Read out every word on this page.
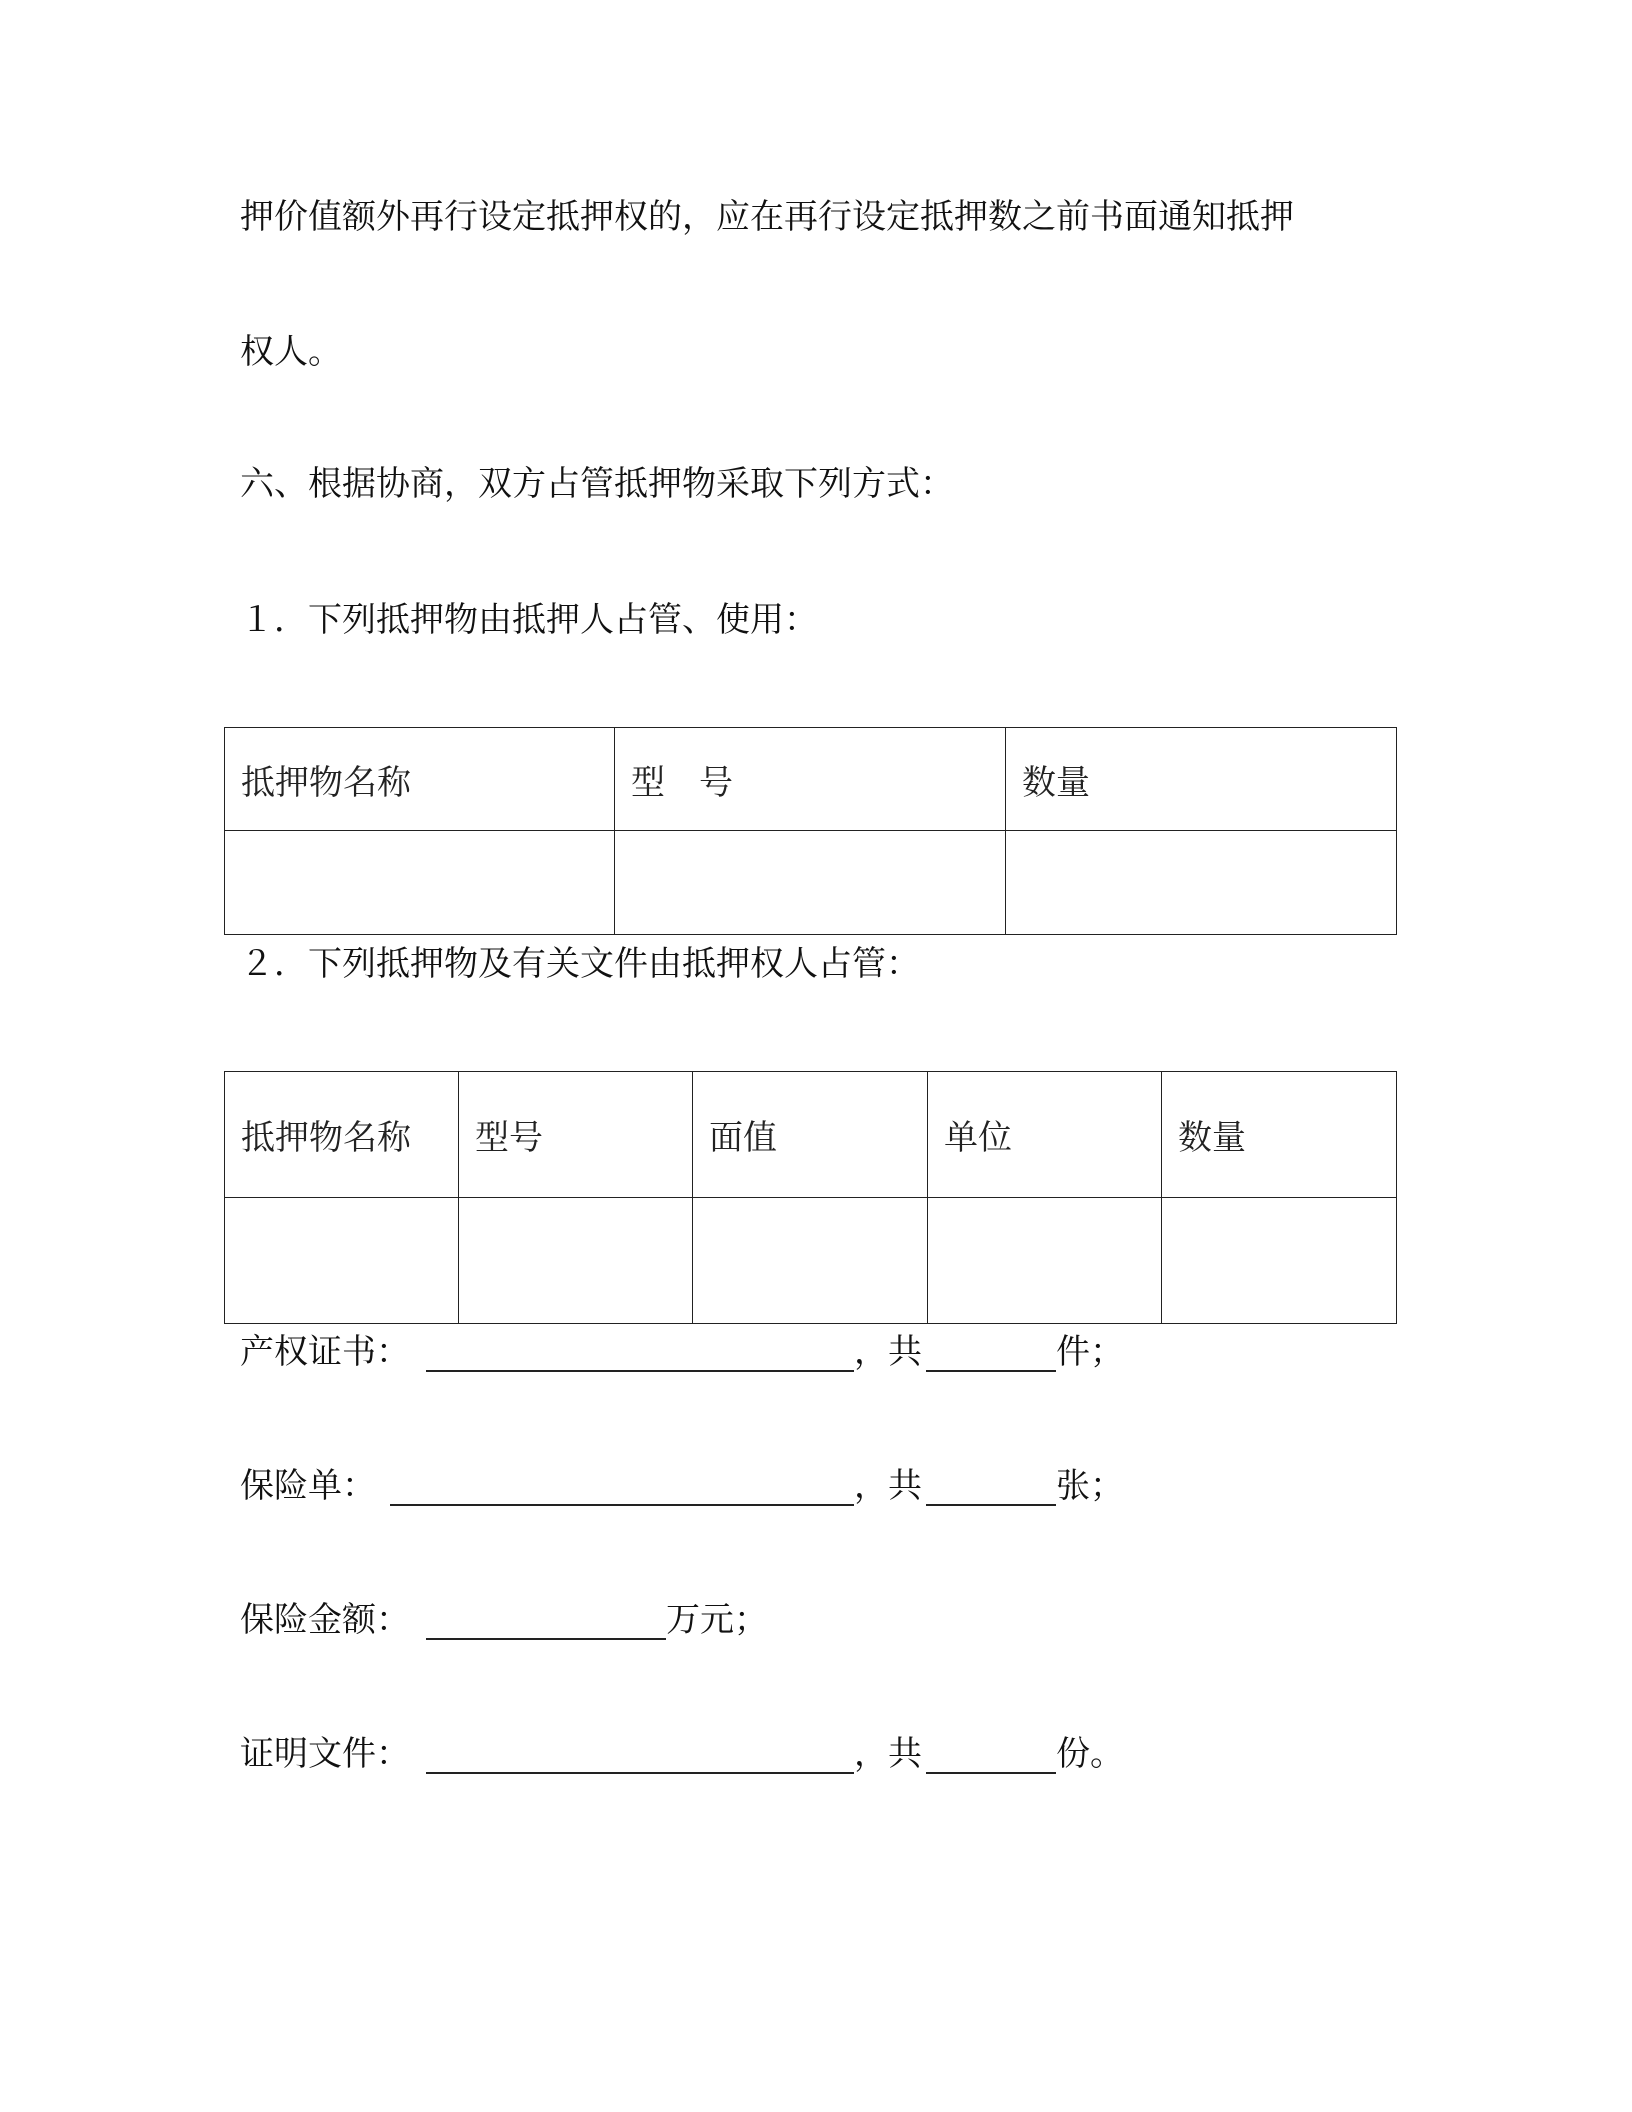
押价值额外再行设定抵押权的，应在再行设定抵押数之前书面通知抵押

权人。

六、根据协商，双方占管抵押物采取下列方式：

１．下列抵押物由抵押人占管、使用：

抵押物名称	型　号	数量

２．下列抵押物及有关文件由抵押权人占管：

抵押物名称	型号	面值	单位	数量

产权证书：	，共	件；
保险单：	，共	张；
保险金额：	万元；
证明文件：	，共	份。
